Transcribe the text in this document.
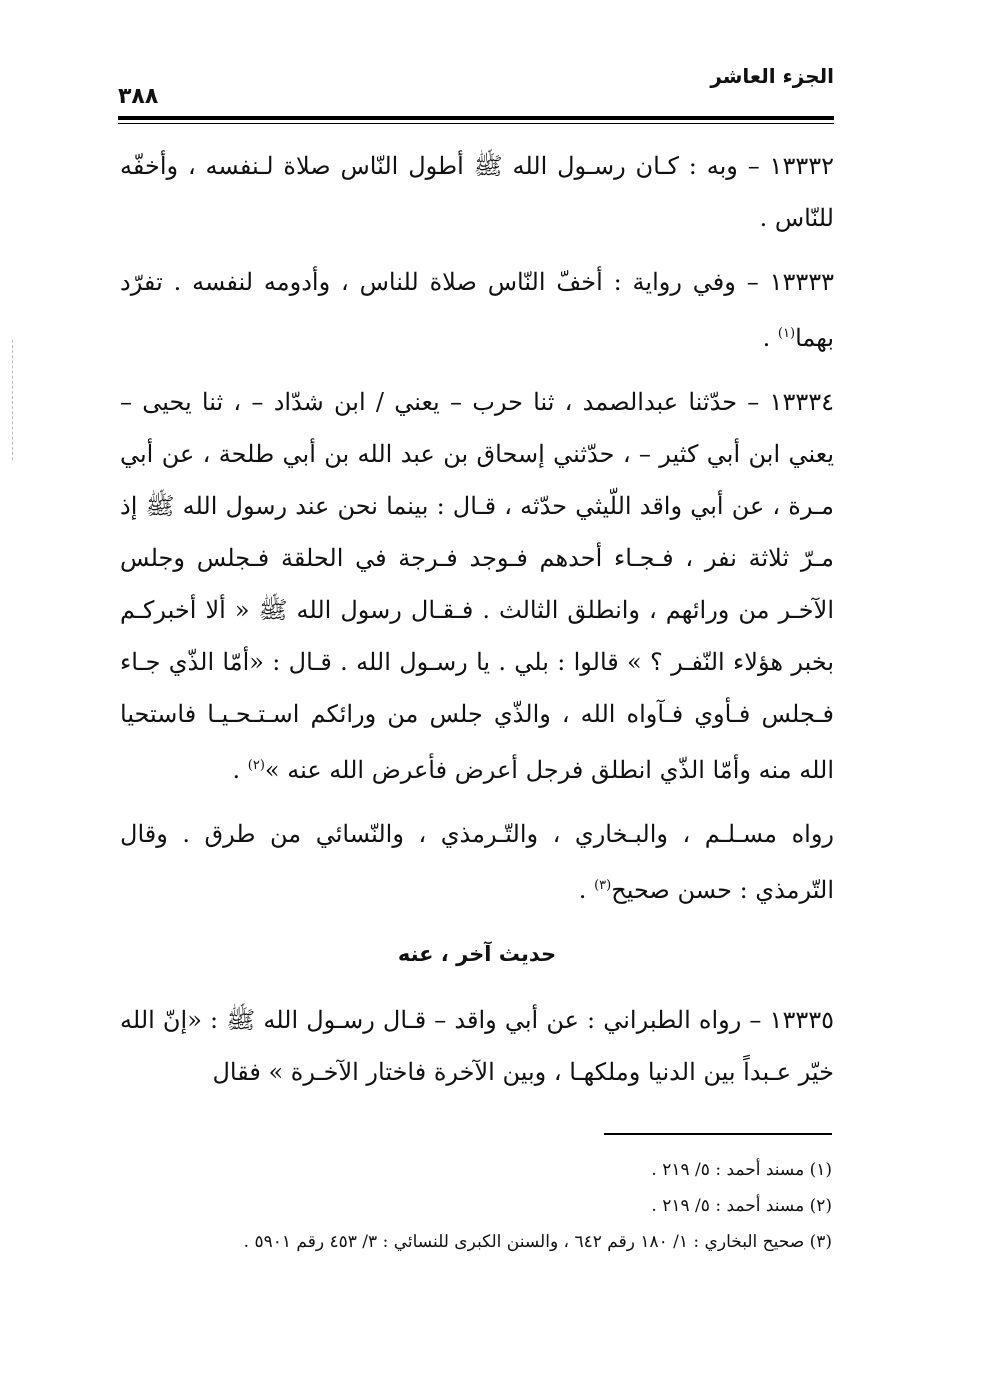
الجزء العاشر
٣٨٨

١٣٣٣٢ – وبه : كـان رسـول الله ﷺ أطول النّاس صلاة لـنفسه ، وأخفّه للنّاس .

١٣٣٣٣ – وفي رواية : أخفّ النّاس صلاة للناس ، وأدومه لنفسه . تفرّد بهما$^{(١)}$ .

١٣٣٣٤ – حدّثنا عبدالصمد ، ثنا حرب – يعني / ابن شدّاد – ، ثنا يحيى – يعني ابن أبي كثير – ، حدّثني إسحاق بن عبد الله بن أبي طلحة ، عن أبي مـرة ، عن أبي واقد اللّيثي حدّثه ، قـال : بينما نحن عند رسول الله ﷺ إذ مـرّ ثلاثة نفر ، فـجـاء أحدهم فـوجد فـرجة في الحلقة فـجلس وجلس الآخـر من ورائهم ، وانطلق الثالث . فـقـال رسول الله ﷺ « ألا أخبركـم بخبر هؤلاء النّفـر ؟ » قالوا : بلي . يا رسـول الله . قـال : «أمّا الذّي جـاء فـجلس فـأوي فـآواه الله ، والذّي جلس من ورائكم اسـتـحـيـا فاستحيا الله منه وأمّا الذّي انطلق فرجل أعرض فأعرض الله عنه »$^{(٢)}$ .

رواه مسـلـم ، والبـخاري ، والتّـرمذي ، والنّسائي من طرق . وقال التّرمذي : حسن صحيح$^{(٣)}$ .

حديث آخر ، عنه

١٣٣٣٥ – رواه الطبراني : عن أبي واقد – قـال رسـول الله ﷺ : «إنّ الله خيّر عـبداً بين الدنيا وملكهـا ، وبين الآخرة فاختار الآخـرة » فقال

(١) مسند أحمد : ٥/ ٢١٩ .
(٢) مسند أحمد : ٥/ ٢١٩ .
(٣) صحيح البخاري : ١/ ١٨٠ رقم ٦٤٢ ، والسنن الكبرى للنسائي : ٣/ ٤٥٣ رقم ٥٩٠١ .
